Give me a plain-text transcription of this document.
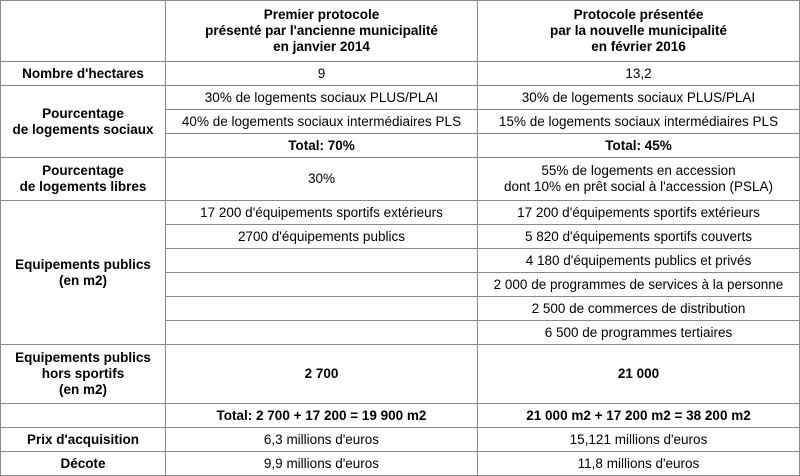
	Premier protocole
présenté par l'ancienne municipalité
en janvier 2014	Protocole présentée
par la nouvelle municipalité
en février 2016

Nombre d'hectares	9	13,2

Pourcentage
de logements sociaux	30% de logements sociaux PLUS/PLAI	30% de logements sociaux PLUS/PLAI
	40% de logements sociaux intermédiaires PLS	15% de logements sociaux intermédiaires PLS
	Total: 70%	Total: 45%

Pourcentage
de logements libres	30%	55% de logements en accession
dont 10% en prêt social à l'accession (PSLA)

Equipements publics
(en m2)	17 200 d'équipements sportifs extérieurs	17 200 d'équipements sportifs extérieurs
	2700 d'équipements publics	5 820 d'équipements sportifs couverts
		4 180 d'équipements publics et privés
		2 000 de programmes de services à la personne
		2 500 de commerces de distribution
		6 500 de programmes tertiaires

Equipements publics
hors sportifs
(en m2)	2 700	21 000
	Total: 2 700 + 17 200 = 19 900 m2	21 000 m2 + 17 200 m2 = 38 200 m2
Prix d'acquisition	6,3 millions d'euros	15,121 millions d'euros
Décote	9,9 millions d'euros	11,8 millions d'euros
